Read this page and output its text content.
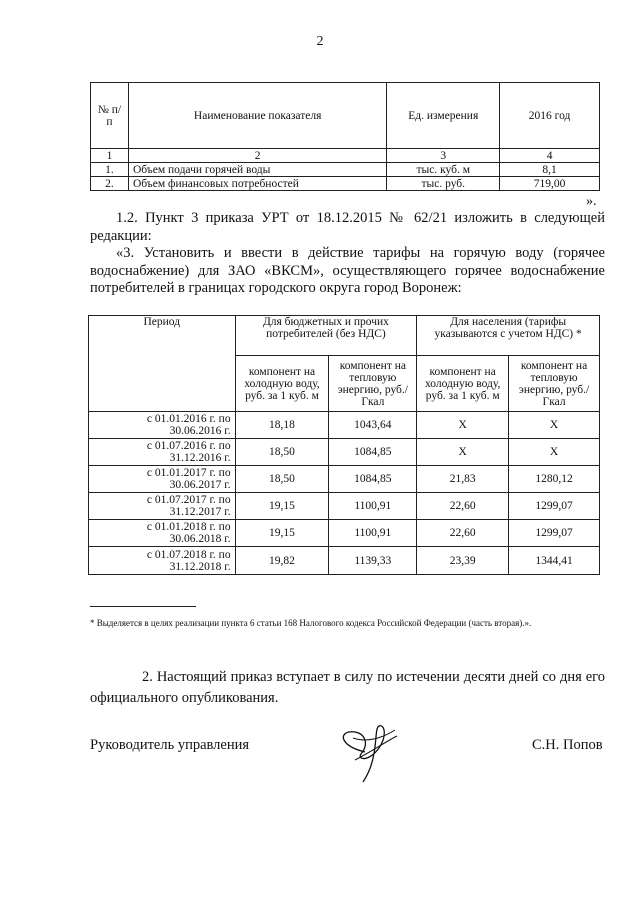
2
№ п/п	Наименование показателя	Ед. измерения	2016 год
1	2	3	4
1.	Объем подачи горячей воды	тыс. куб. м	8,1
2.	Объем финансовых потребностей	тыс. руб.	719,00
».
1.2. Пункт 3 приказа УРТ от 18.12.2015 № 62/21 изложить в следующей редакции:
«3. Установить и ввести в действие тарифы на горячую воду (горячее водоснабжение) для ЗАО «ВКСМ», осуществляющего горячее водоснабжение потребителей в границах городского округа город Воронеж:
Период	Для бюджетных и прочих потребителей (без НДС)		Для населения (тарифы указываются с учетом НДС) *	
	компонент на холодную воду, руб. за 1 куб. м	компонент на тепловую энергию, руб./Гкал	компонент на холодную воду, руб. за 1 куб. м	компонент на тепловую энергию, руб./Гкал
с 01.01.2016 г. по 30.06.2016 г.	18,18	1043,64	Х	Х
с 01.07.2016 г. по 31.12.2016 г.	18,50	1084,85	Х	Х
с 01.01.2017 г. по 30.06.2017 г.	18,50	1084,85	21,83	1280,12
с 01.07.2017 г. по 31.12.2017 г.	19,15	1100,91	22,60	1299,07
с 01.01.2018 г. по 30.06.2018 г.	19,15	1100,91	22,60	1299,07
с 01.07.2018 г. по 31.12.2018 г.	19,82	1139,33	23,39	1344,41
* Выделяется в целях реализации пункта 6 статьи 168 Налогового кодекса Российской Федерации (часть вторая).».
2. Настоящий приказ вступает в силу по истечении десяти дней со дня его официального опубликования.
Руководитель управления	С.Н. Попов
